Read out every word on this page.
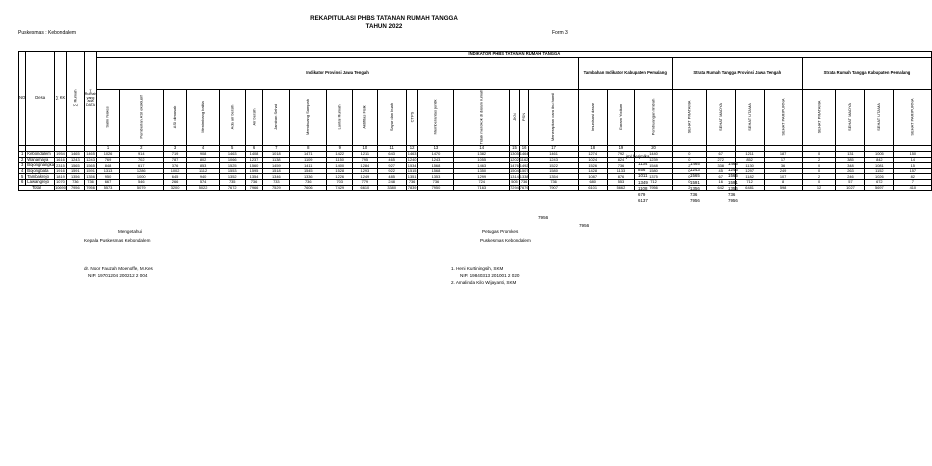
REKAPITULASI PHBS TATANAN RUMAH TANGGA
TAHUN 2022
Puskesmas : Kebondalem	Form 3
NO	Desa	∑ KK	∑ Rumah	∑ Rumah yang ada DATA	INDIKATOR PHBS TATANAN RUMAH TANGGA																											
					Indikator Provinsi Jawa Tengah																	Tambahan Indikator Kabupaten Pemalang			Strata Rumah Tangga Provinsi Jawa Tengah				Strata Rumah Tangga Kabupaten Pemalang			
					Salin Nakes	Pemberian ASI eksklusif	ASI dimasak	Menimbang balita	Ada air bersih	Air bersih	Jamban Sehat	Membuang Sampah	Lantai Rumah	Aktifitas Fisik	Sayur dan buah	CTPS	Memberantas jentik	Tidak merokok di dalam rumah	JKN	PSN	Menerapkan cara ibu hamil	Imunisasi dasar	Garam Yodium	Pembuangan limbah	SEHAT PRATAMA	SEHAT MADYA	SEHAT UTAMA	SEHAT PARIPURNA	SEHAT PRATAMA	SEHAT MADYA	SEHAT UTAMA	SEHAT PARIPURNA
					1	2	3	4	5	6	7	8	9	10	11	12	13	14	15	16	17	18	19	20								
1	Kebondalem	1954	1465	1465	1026	914	719	908	1463	1408	1018	1471	1422	1211	643	1463	1470	1382	1305	1464	1461	1274	792	1440	0	67	1211	187	0	131	1005	150
2	Wanamaya	1616	1243	1243	769	702	787	802	1066	1237	1138	1109	1150	795	465	1240	1243	1055	1202	1162	1243	1024	824	1239	0	272	852	17	2	385	842	14
3	Bojongnangka	2315	1565	1565	848	617	376	853	1525	1560	1459	1411	1400	1284	927	1534	1568	1463	1476	1492	1522	1526	736	1548	2	338	1130	36	0	348	1081	15
4	Bojongbata	1916	1591	1591	1313	1286	1002	1112	1553	1595	1518	1545	1528	1293	922	1515	1568	1350	1504	1507	1580	1428	1133	1580	0	45	1297	249	0	263	1152	157
5	Tambakrejo	1819	1356	1356	950	1000	645	940	1352	1354	1346	1336	1226	1249	485	1351	1353	1299	1314	1338	1354	1087	876	1375	0	67	1182	107	2	246	1026	82
6	Lawangrejo	1070	736	736	667	546	266	574	735	736	733	736	703	779	248	736	736	724	505	736	736	680	553	712	0	16	712	8	0	57	672	7
Total		10690	7956	7956	5573	5079	3200	5022	7672	7966	7529	7606	7429	6610	3380	7839	7950	7163	7294	7679	7907	6101	5662	7956	2	642	6481	598	12	1027	5697	410
jml berjmlka
1134	1465	1465
856	1243	1243
1011	1565	1565
1349	1591	1591
1108	1356	1356
679	736	736
6137	7956	7956
7956
7956
Mengetahui
Kepala Puskesmas Kebondalem
dr. Noor Fauzah Moenoffe, M.Kes
NIP. 19701204 200212 2 004
Petugas Promkes
Puskesmas Kebondalem
1. Heni Kurtiningsih, SKM
NIP. 19840313 201001 2 020
2. Amalinda Kilo Wijayanti, SKM
